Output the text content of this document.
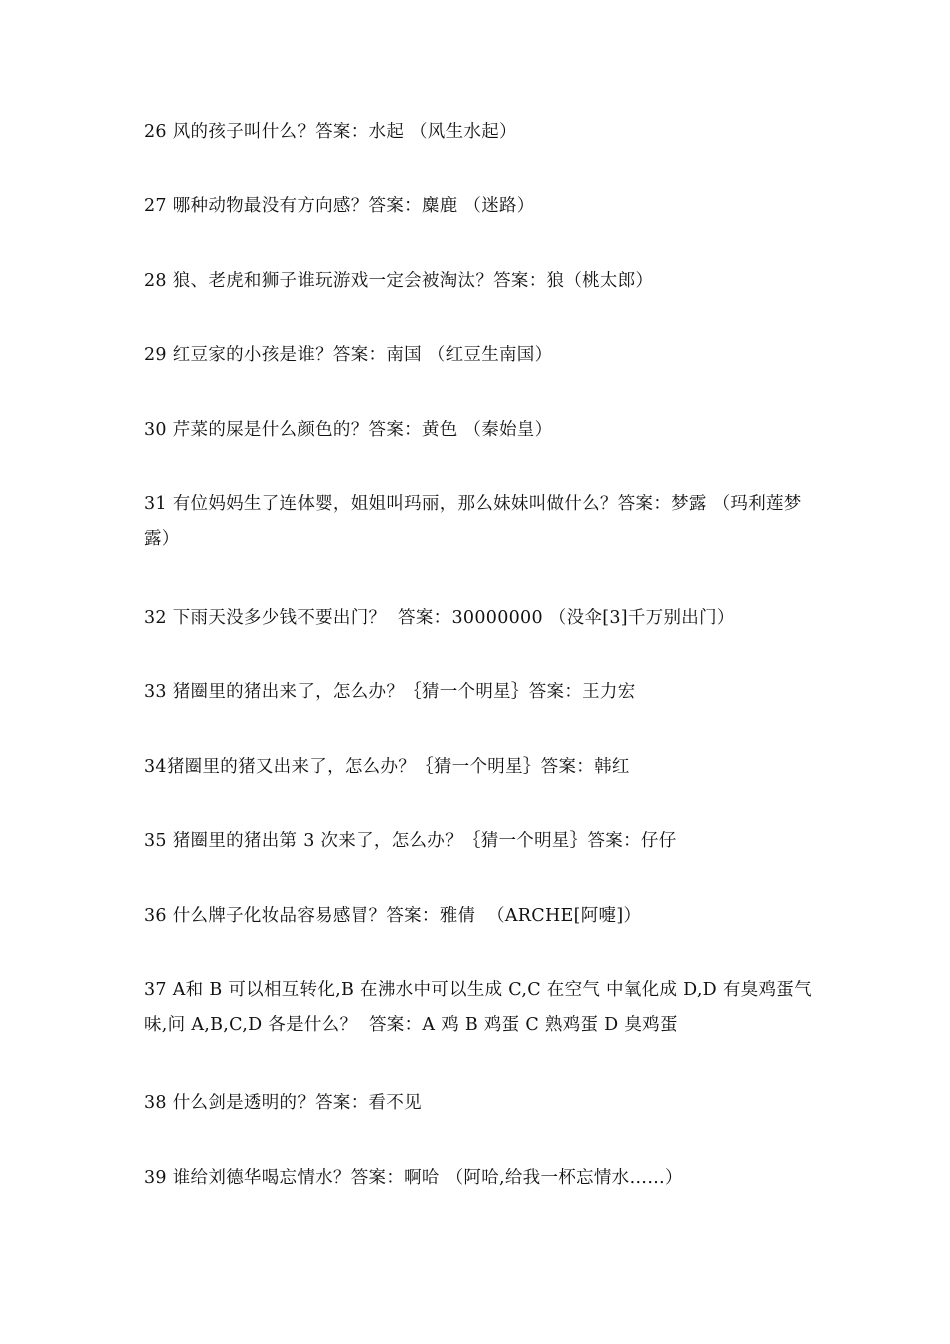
26 风的孩子叫什么？答案：水起 （风生水起）

27 哪种动物最没有方向感？答案：麋鹿 （迷路）

28 狼、老虎和狮子谁玩游戏一定会被淘汰？答案：狼（桃太郎）

29 红豆家的小孩是谁？答案：南国 （红豆生南国）

30 芹菜的屎是什么颜色的？答案：黄色 （秦始皇）

31 有位妈妈生了连体婴，姐姐叫玛丽，那么妹妹叫做什么？答案：梦露 （玛利莲梦露）

32 下雨天没多少钱不要出门？  答案：30000000 （没伞[3]千万别出门）

33 猪圈里的猪出来了，怎么办？｛猜一个明星｝答案：王力宏

34猪圈里的猪又出来了，怎么办？｛猜一个明星｝答案：韩红

35 猪圈里的猪出第 3 次来了，怎么办？｛猜一个明星｝答案：仔仔

36 什么牌子化妆品容易感冒？答案：雅倩  （ARCHE[阿嚏]）

37 A和 B 可以相互转化,B 在沸水中可以生成 C,C 在空气 中氧化成 D,D 有臭鸡蛋气味,问 A,B,C,D 各是什么？  答案：A 鸡 B 鸡蛋 C 熟鸡蛋 D 臭鸡蛋

38 什么剑是透明的？答案：看不见

39 谁给刘德华喝忘情水？答案：啊哈 （阿哈,给我一杯忘情水……）
